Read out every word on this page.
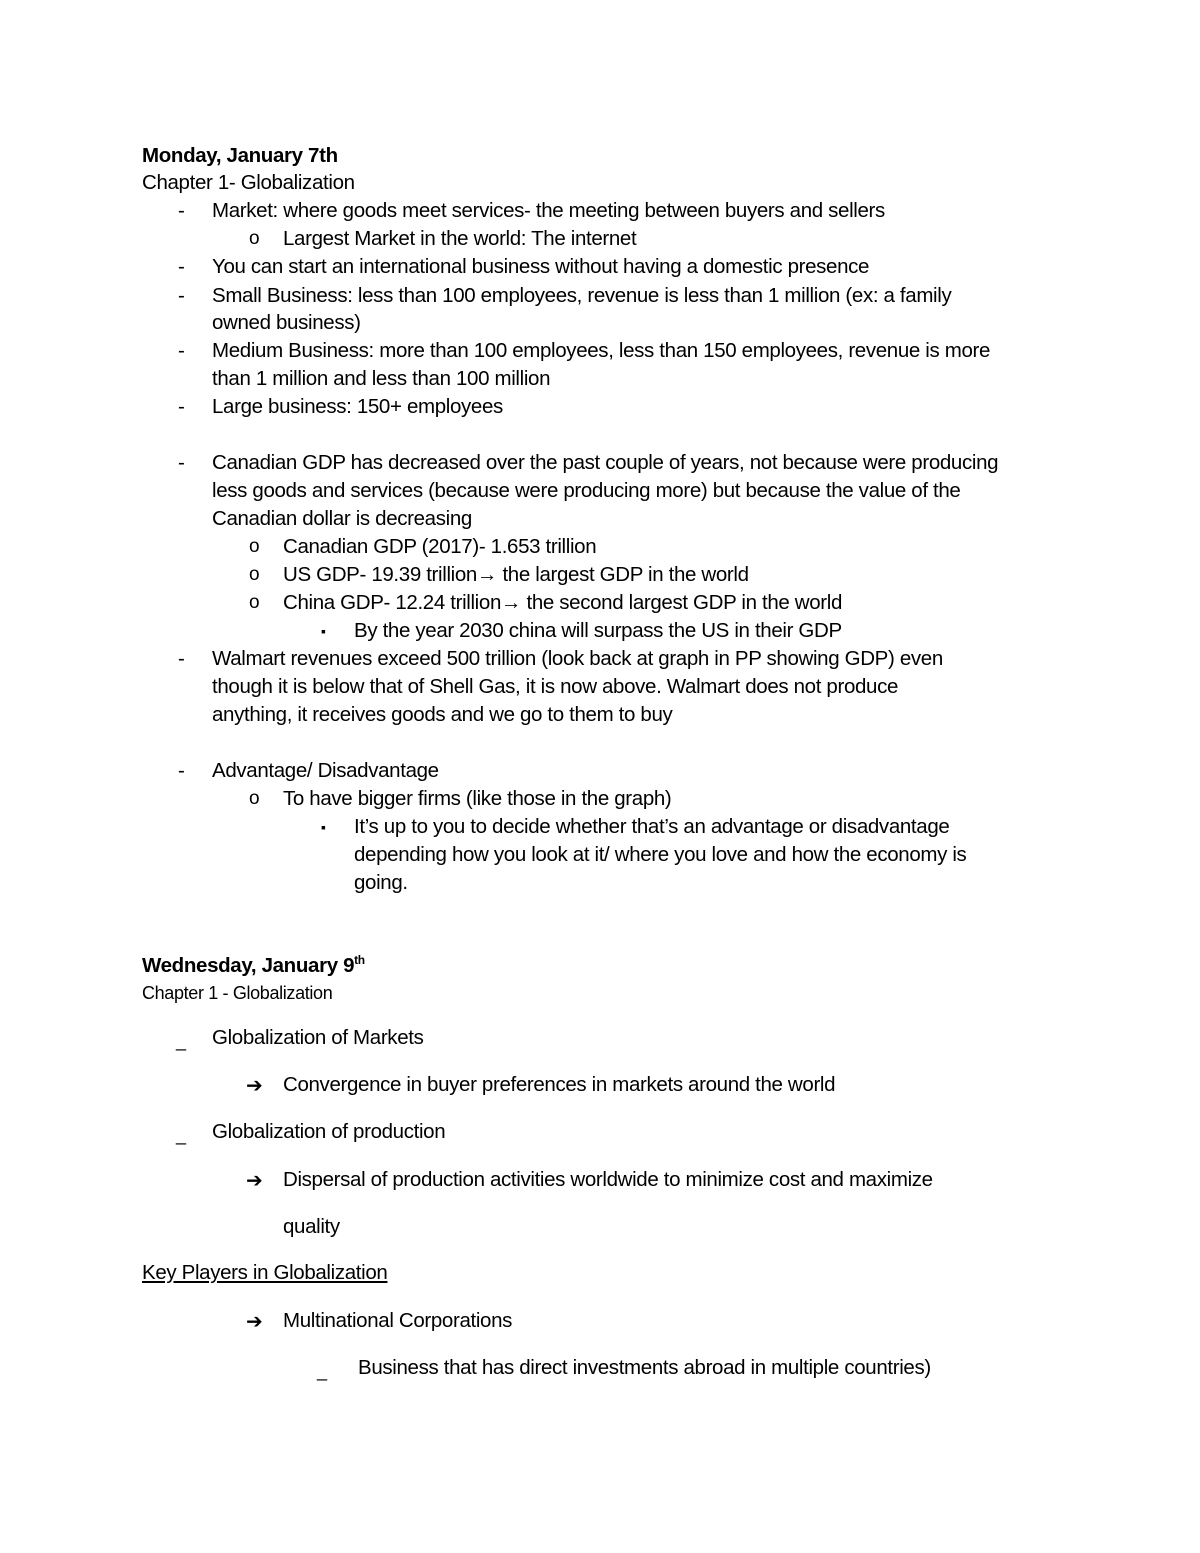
Monday, January 7th
Chapter 1- Globalization
- Market: where goods meet services- the meeting between buyers and sellers
o Largest Market in the world: The internet
- You can start an international business without having a domestic presence
- Small Business: less than 100 employees, revenue is less than 1 million (ex: a family
owned business)
- Medium Business: more than 100 employees, less than 150 employees, revenue is more
than 1 million and less than 100 million
- Large business: 150+ employees
- Canadian GDP has decreased over the past couple of years, not because were producing
less goods and services (because were producing more) but because the value of the
Canadian dollar is decreasing
o Canadian GDP (2017)- 1.653 trillion
o US GDP- 19.39 trillion→ the largest GDP in the world
o China GDP- 12.24 trillion→ the second largest GDP in the world
▪ By the year 2030 china will surpass the US in their GDP
- Walmart revenues exceed 500 trillion (look back at graph in PP showing GDP) even
though it is below that of Shell Gas, it is now above. Walmart does not produce
anything, it receives goods and we go to them to buy
- Advantage/ Disadvantage
o To have bigger firms (like those in the graph)
▪ It’s up to you to decide whether that’s an advantage or disadvantage
depending how you look at it/ where you love and how the economy is
going.
Wednesday, January 9th
Chapter 1 - Globalization
_ Globalization of Markets
➔ Convergence in buyer preferences in markets around the world
_ Globalization of production
➔ Dispersal of production activities worldwide to minimize cost and maximize
quality
Key Players in Globalization
➔ Multinational Corporations
_ Business that has direct investments abroad in multiple countries)
